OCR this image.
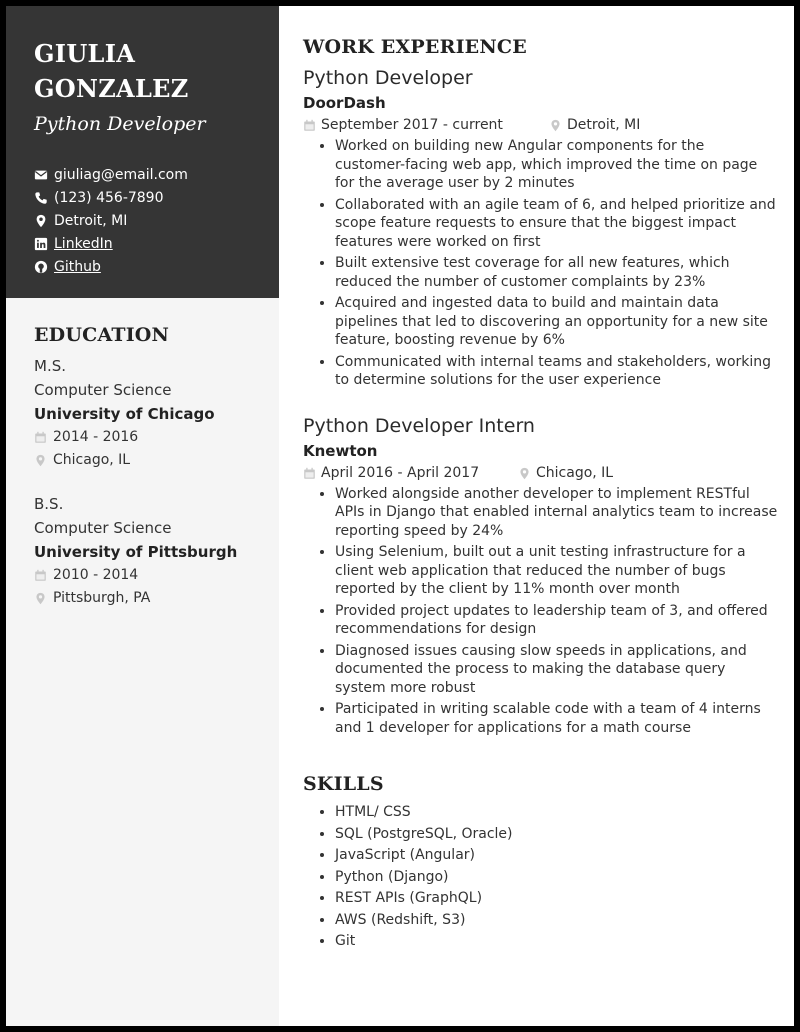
GIULIA
GONZALEZ
Python Developer
giuliag@email.com
(123) 456-7890
Detroit, MI
LinkedIn
Github
EDUCATION
M.S.
Computer Science
University of Chicago
2014 - 2016
Chicago, IL
B.S.
Computer Science
University of Pittsburgh
2010 - 2014
Pittsburgh, PA
WORK EXPERIENCE
Python Developer
DoorDash
September 2017 - current	Detroit, MI
• Worked on building new Angular components for the customer-facing web app, which improved the time on page for the average user by 2 minutes
• Collaborated with an agile team of 6, and helped prioritize and scope feature requests to ensure that the biggest impact features were worked on first
• Built extensive test coverage for all new features, which reduced the number of customer complaints by 23%
• Acquired and ingested data to build and maintain data pipelines that led to discovering an opportunity for a new site feature, boosting revenue by 6%
• Communicated with internal teams and stakeholders, working to determine solutions for the user experience
Python Developer Intern
Knewton
April 2016 - April 2017	Chicago, IL
• Worked alongside another developer to implement RESTful APIs in Django that enabled internal analytics team to increase reporting speed by 24%
• Using Selenium, built out a unit testing infrastructure for a client web application that reduced the number of bugs reported by the client by 11% month over month
• Provided project updates to leadership team of 3, and offered recommendations for design
• Diagnosed issues causing slow speeds in applications, and documented the process to making the database query system more robust
• Participated in writing scalable code with a team of 4 interns and 1 developer for applications for a math course
SKILLS
• HTML/ CSS
• SQL (PostgreSQL, Oracle)
• JavaScript (Angular)
• Python (Django)
• REST APIs (GraphQL)
• AWS (Redshift, S3)
• Git
